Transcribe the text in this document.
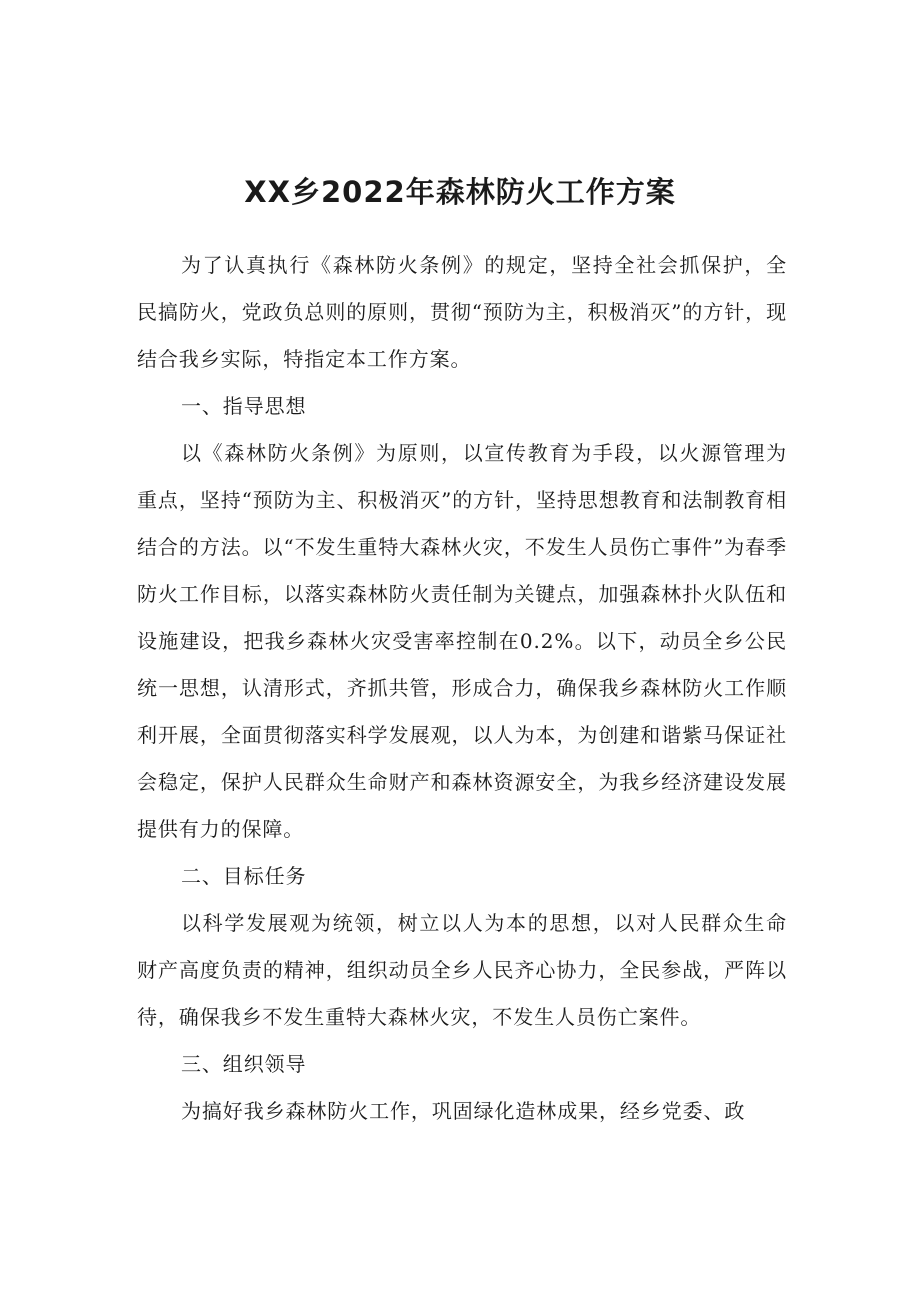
XX乡2022年森林防火工作方案

为了认真执行《森林防火条例》的规定，坚持全社会抓保护，全民搞防火，党政负总则的原则，贯彻“预防为主，积极消灭”的方针，现结合我乡实际，特指定本工作方案。

一、指导思想

以《森林防火条例》为原则，以宣传教育为手段，以火源管理为重点，坚持“预防为主、积极消灭”的方针，坚持思想教育和法制教育相结合的方法。以“不发生重特大森林火灾，不发生人员伤亡事件”为春季防火工作目标，以落实森林防火责任制为关键点，加强森林扑火队伍和设施建设，把我乡森林火灾受害率控制在0.2%。以下，动员全乡公民统一思想，认清形式，齐抓共管，形成合力，确保我乡森林防火工作顺利开展，全面贯彻落实科学发展观，以人为本，为创建和谐紫马保证社会稳定，保护人民群众生命财产和森林资源安全，为我乡经济建设发展提供有力的保障。

二、目标任务

以科学发展观为统领，树立以人为本的思想，以对人民群众生命财产高度负责的精神，组织动员全乡人民齐心协力，全民参战，严阵以待，确保我乡不发生重特大森林火灾，不发生人员伤亡案件。

三、组织领导

为搞好我乡森林防火工作，巩固绿化造林成果，经乡党委、政
